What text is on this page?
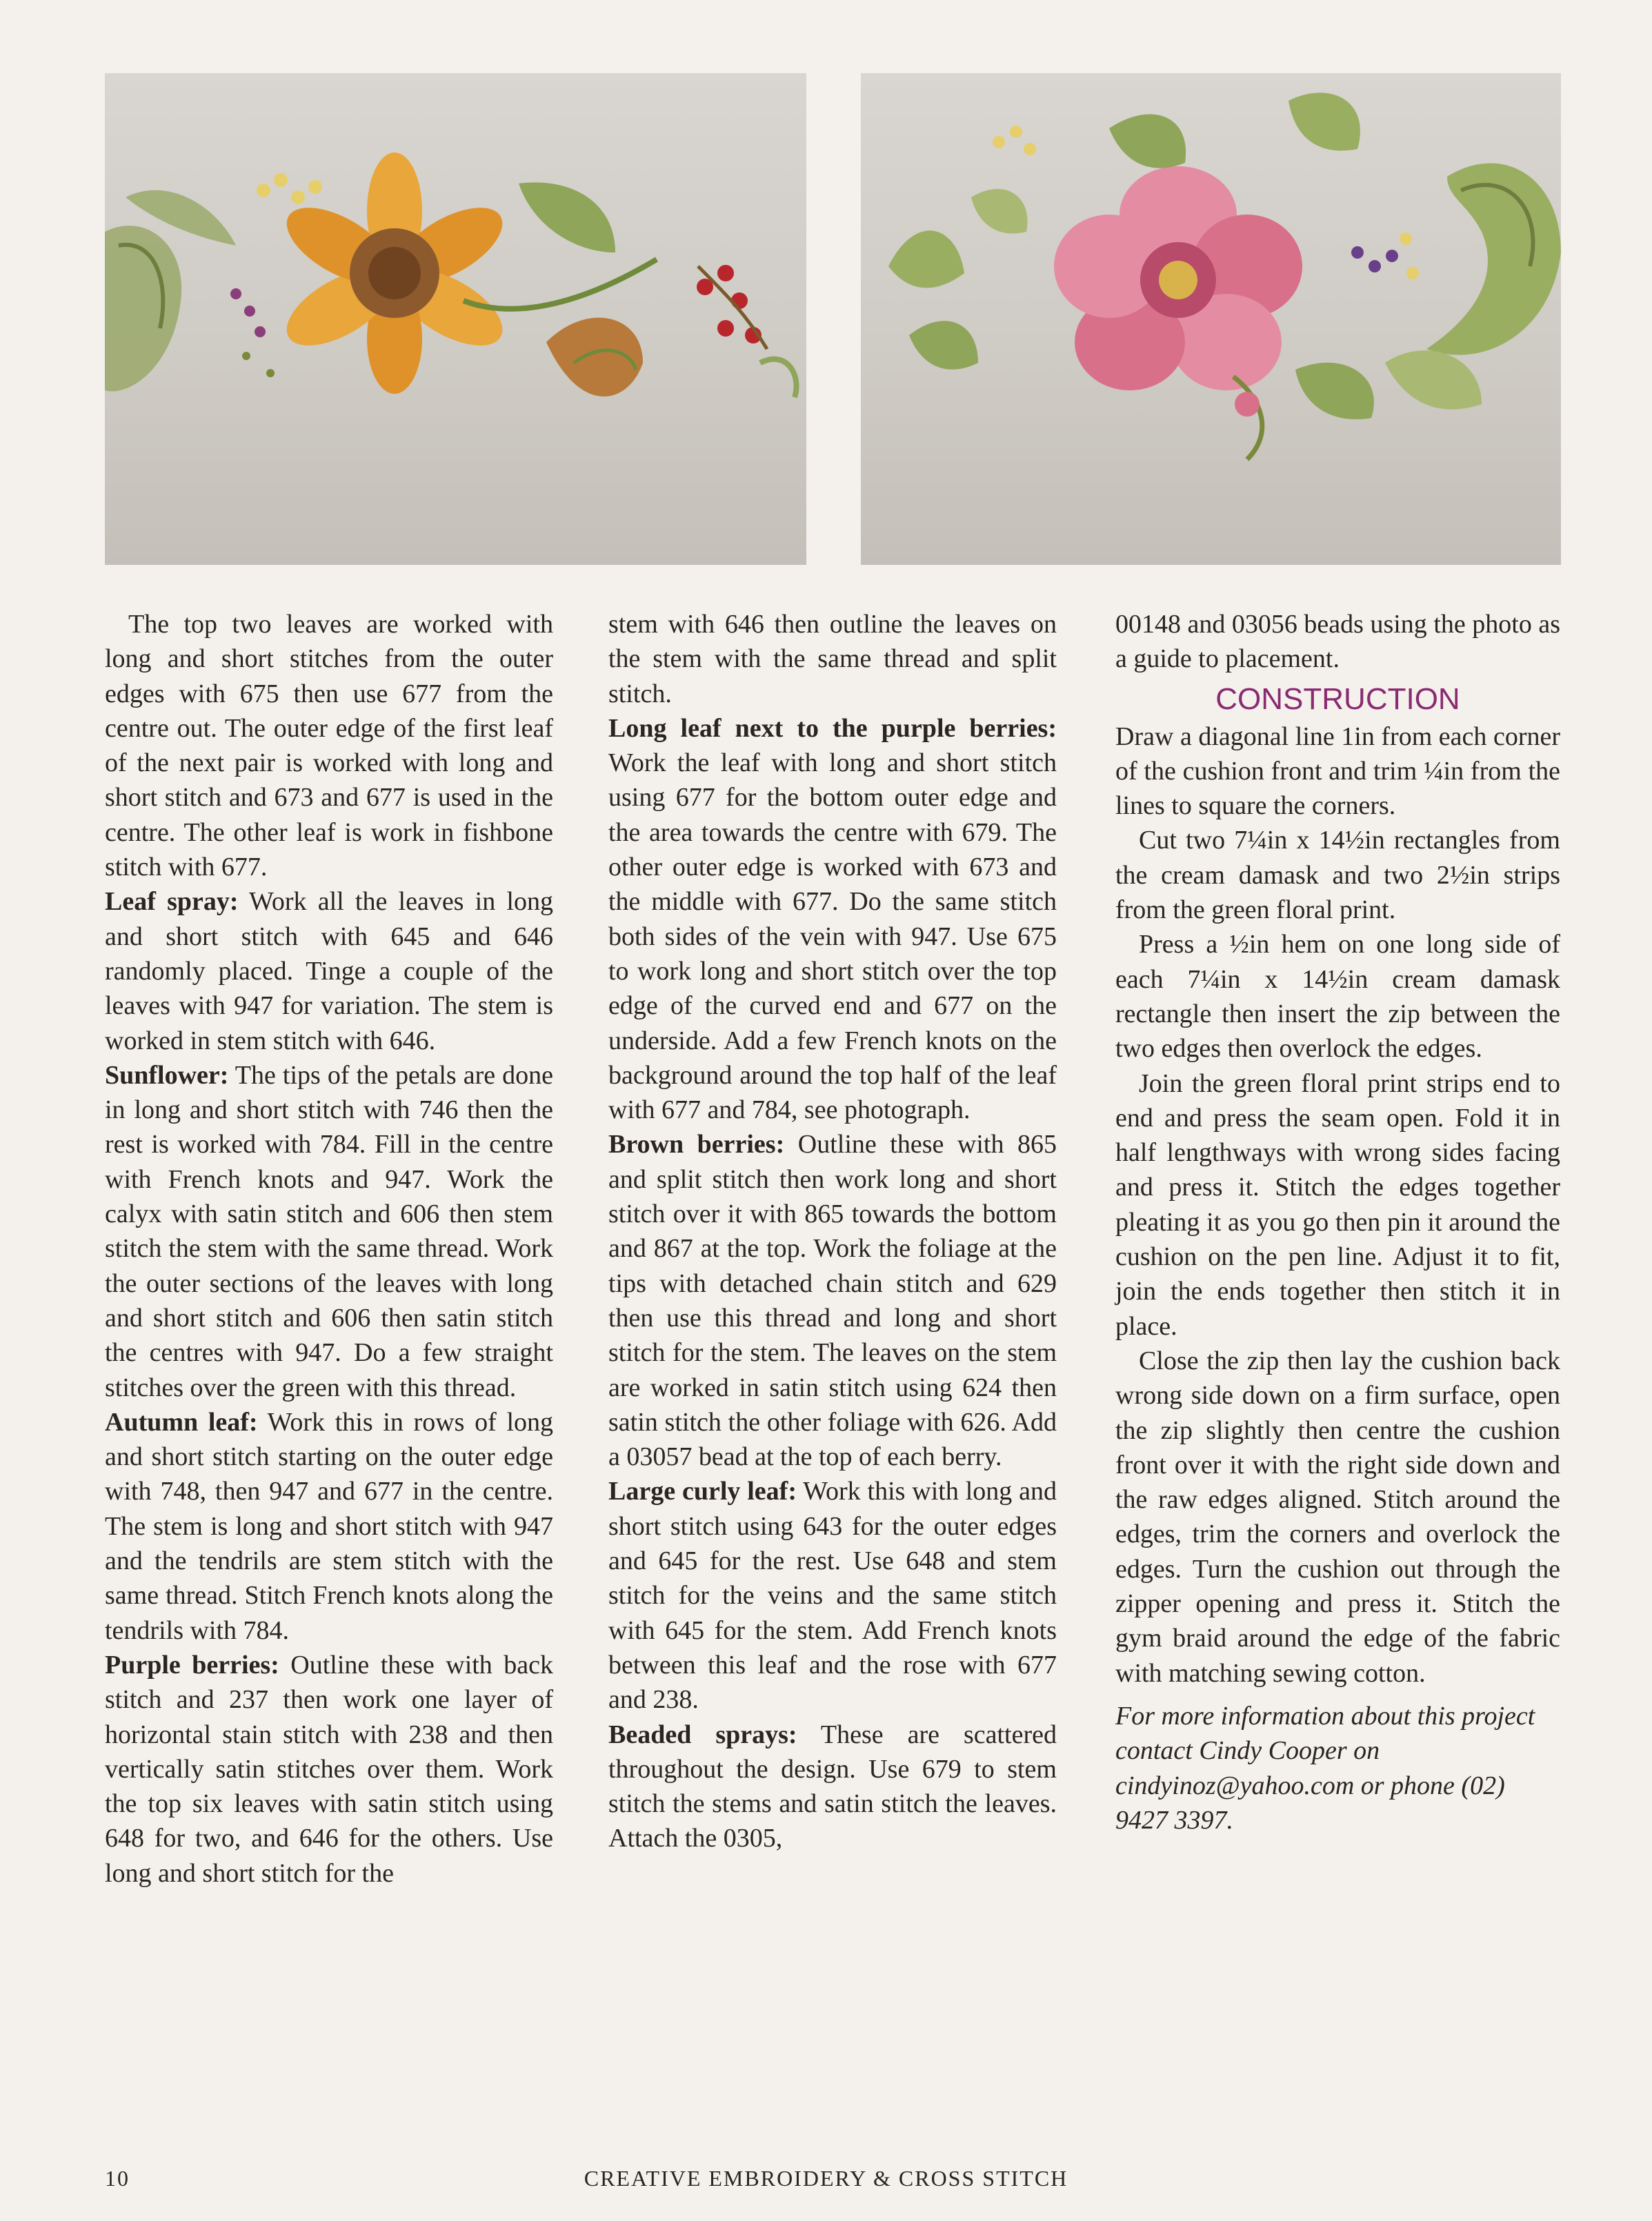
The top two leaves are worked with long and short stitches from the outer edges with 675 then use 677 from the centre out. The outer edge of the first leaf of the next pair is worked with long and short stitch and 673 and 677 is used in the centre. The other leaf is work in fishbone stitch with 677.

Leaf spray: Work all the leaves in long and short stitch with 645 and 646 randomly placed. Tinge a couple of the leaves with 947 for variation. The stem is worked in stem stitch with 646.

Sunflower: The tips of the petals are done in long and short stitch with 746 then the rest is worked with 784. Fill in the centre with French knots and 947. Work the calyx with satin stitch and 606 then stem stitch the stem with the same thread. Work the outer sections of the leaves with long and short stitch and 606 then satin stitch the centres with 947. Do a few straight stitches over the green with this thread.

Autumn leaf: Work this in rows of long and short stitch starting on the outer edge with 748, then 947 and 677 in the centre. The stem is long and short stitch with 947 and the tendrils are stem stitch with the same thread. Stitch French knots along the tendrils with 784.

Purple berries: Outline these with back stitch and 237 then work one layer of horizontal stain stitch with 238 and then vertically satin stitches over them. Work the top six leaves with satin stitch using 648 for two, and 646 for the others. Use long and short stitch for the

stem with 646 then outline the leaves on the stem with the same thread and split stitch.

Long leaf next to the purple berries: Work the leaf with long and short stitch using 677 for the bottom outer edge and the area towards the centre with 679. The other outer edge is worked with 673 and the middle with 677. Do the same stitch both sides of the vein with 947. Use 675 to work long and short stitch over the top edge of the curved end and 677 on the underside. Add a few French knots on the background around the top half of the leaf with 677 and 784, see photograph.

Brown berries: Outline these with 865 and split stitch then work long and short stitch over it with 865 towards the bottom and 867 at the top. Work the foliage at the tips with detached chain stitch and 629 then use this thread and long and short stitch for the stem. The leaves on the stem are worked in satin stitch using 624 then satin stitch the other foliage with 626. Add a 03057 bead at the top of each berry.

Large curly leaf: Work this with long and short stitch using 643 for the outer edges and 645 for the rest. Use 648 and stem stitch for the veins and the same stitch with 645 for the stem. Add French knots between this leaf and the rose with 677 and 238.

Beaded sprays: These are scattered throughout the design. Use 679 to stem stitch the stems and satin stitch the leaves. Attach the 0305,

00148 and 03056 beads using the photo as a guide to placement.

CONSTRUCTION

Draw a diagonal line 1in from each corner of the cushion front and trim ¼in from the lines to square the corners.

Cut two 7¼in x 14½in rectangles from the cream damask and two 2½in strips from the green floral print.

Press a ½in hem on one long side of each 7¼in x 14½in cream damask rectangle then insert the zip between the two edges then overlock the edges.

Join the green floral print strips end to end and press the seam open. Fold it in half lengthways with wrong sides facing and press it. Stitch the edges together pleating it as you go then pin it around the cushion on the pen line. Adjust it to fit, join the ends together then stitch it in place.

Close the zip then lay the cushion back wrong side down on a firm surface, open the zip slightly then centre the cushion front over it with the right side down and the raw edges aligned. Stitch around the edges, trim the corners and overlock the edges. Turn the cushion out through the zipper opening and press it. Stitch the gym braid around the edge of the fabric with matching sewing cotton.

For more information about this project contact Cindy Cooper on cindyinoz@yahoo.com or phone (02) 9427 3397.

CREATIVE EMBROIDERY & CROSS STITCH
10
